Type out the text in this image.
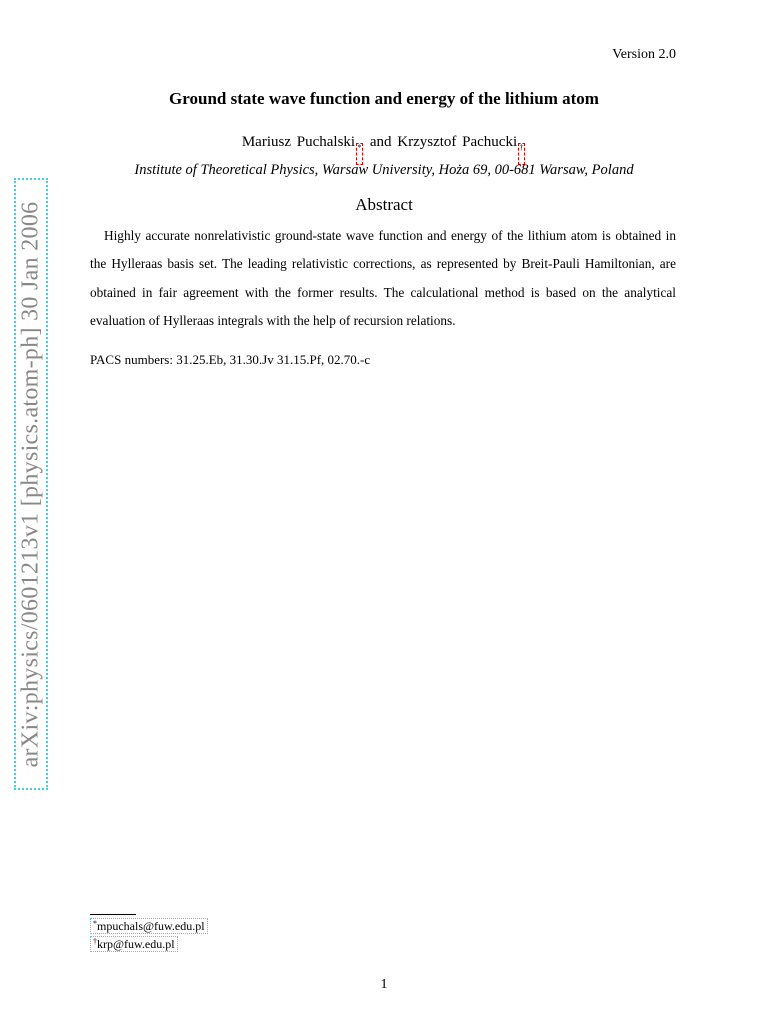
Version 2.0
Ground state wave function and energy of the lithium atom
Mariusz Puchalski * and Krzysztof Pachucki †
Institute of Theoretical Physics, Warsaw University, Hoża 69, 00-681 Warsaw, Poland
Abstract

Highly accurate nonrelativistic ground-state wave function and energy of the lithium atom is obtained in the Hylleraas basis set. The leading relativistic corrections, as represented by Breit-Pauli Hamiltonian, are obtained in fair agreement with the former results. The calculational method is based on the analytical evaluation of Hylleraas integrals with the help of recursion relations.

PACS numbers: 31.25.Eb, 31.30.Jv 31.15.Pf, 02.70.-c
arXiv:physics/0601213v1 [physics.atom-ph] 30 Jan 2006
*mpuchals@fuw.edu.pl
†krp@fuw.edu.pl
1
